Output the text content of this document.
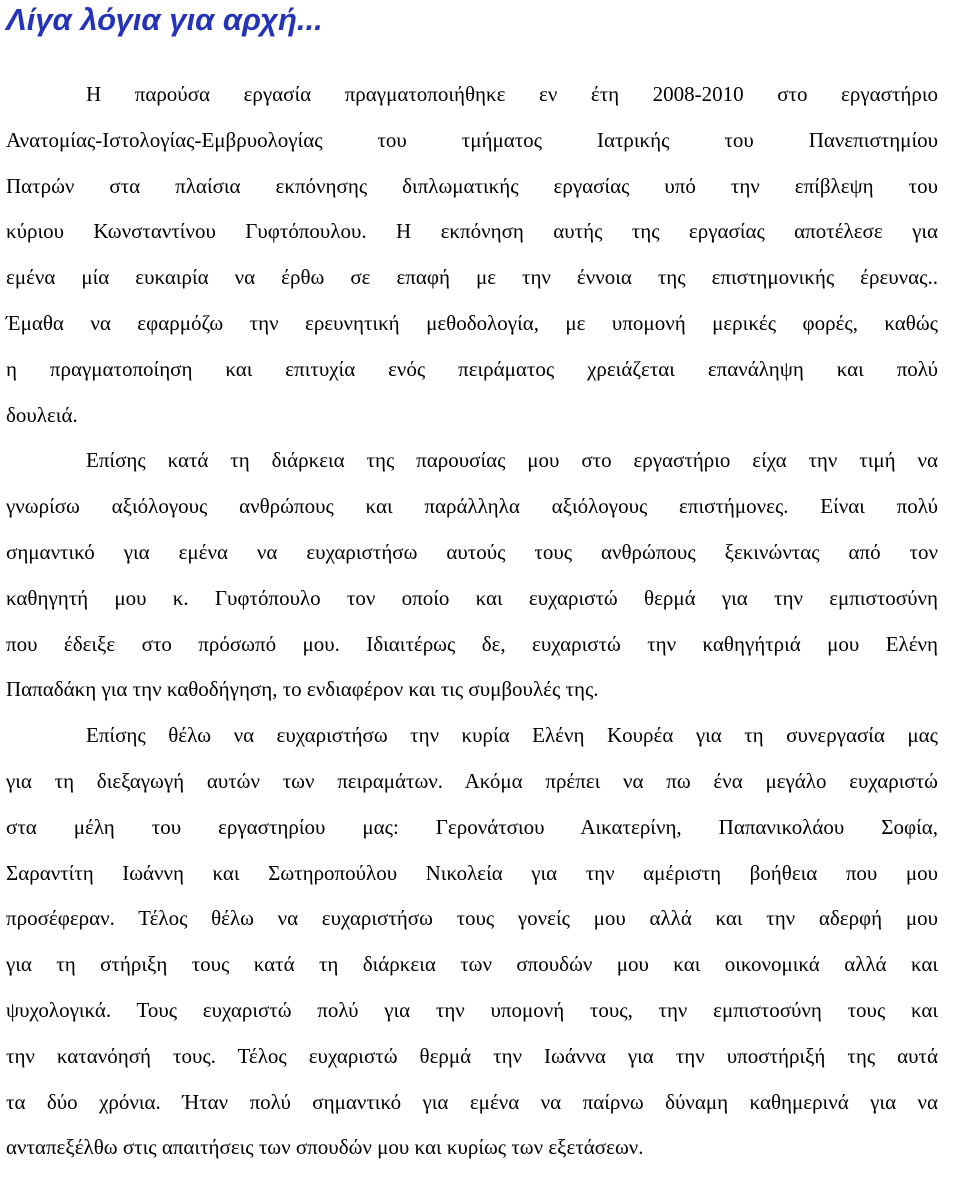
Λίγα λόγια για αρχή...
Η παρούσα εργασία πραγματοποιήθηκε εν έτη 2008-2010 στο εργαστήριο
Ανατομίας-Ιστολογίας-Εμβρυολογίας του τμήματος Ιατρικής του Πανεπιστημίου
Πατρών στα πλαίσια εκπόνησης διπλωματικής εργασίας υπό την επίβλεψη του
κύριου Κωνσταντίνου Γυφτόπουλου. Η εκπόνηση αυτής της εργασίας αποτέλεσε για
εμένα μία ευκαιρία να έρθω σε επαφή με την έννοια της επιστημονικής έρευνας..
Έμαθα να εφαρμόζω την ερευνητική μεθοδολογία, με υπομονή μερικές φορές, καθώς
η πραγματοποίηση και επιτυχία ενός πειράματος χρειάζεται επανάληψη και πολύ
δουλειά.
Επίσης κατά τη διάρκεια της παρουσίας μου στο εργαστήριο είχα την τιμή να
γνωρίσω αξιόλογους ανθρώπους και παράλληλα αξιόλογους επιστήμονες. Είναι πολύ
σημαντικό για εμένα να ευχαριστήσω αυτούς τους ανθρώπους ξεκινώντας από τον
καθηγητή μου κ. Γυφτόπουλο τον οποίο και ευχαριστώ θερμά για την εμπιστοσύνη
που έδειξε στο πρόσωπό μου. Ιδιαιτέρως δε, ευχαριστώ την καθηγήτριά μου Ελένη
Παπαδάκη για την καθοδήγηση, το ενδιαφέρον και τις συμβουλές της.
Επίσης θέλω να ευχαριστήσω την κυρία Ελένη Κουρέα για τη συνεργασία μας
για τη διεξαγωγή αυτών των πειραμάτων. Ακόμα πρέπει να πω ένα μεγάλο ευχαριστώ
στα μέλη του εργαστηρίου μας: Γερονάτσιου Αικατερίνη, Παπανικολάου Σοφία,
Σαραντίτη Ιωάννη και Σωτηροπούλου Νικολεία για την αμέριστη βοήθεια που μου
προσέφεραν. Τέλος θέλω να ευχαριστήσω τους γονείς μου αλλά και την αδερφή μου
για τη στήριξη τους κατά τη διάρκεια των σπουδών μου και οικονομικά αλλά και
ψυχολογικά. Τους ευχαριστώ πολύ για την υπομονή τους, την εμπιστοσύνη τους και
την κατανόησή τους. Τέλος ευχαριστώ θερμά την Ιωάννα για την υποστήριξή της αυτά
τα δύο χρόνια. Ήταν πολύ σημαντικό για εμένα να παίρνω δύναμη καθημερινά για να
ανταπεξέλθω στις απαιτήσεις των σπουδών μου και κυρίως των εξετάσεων.
